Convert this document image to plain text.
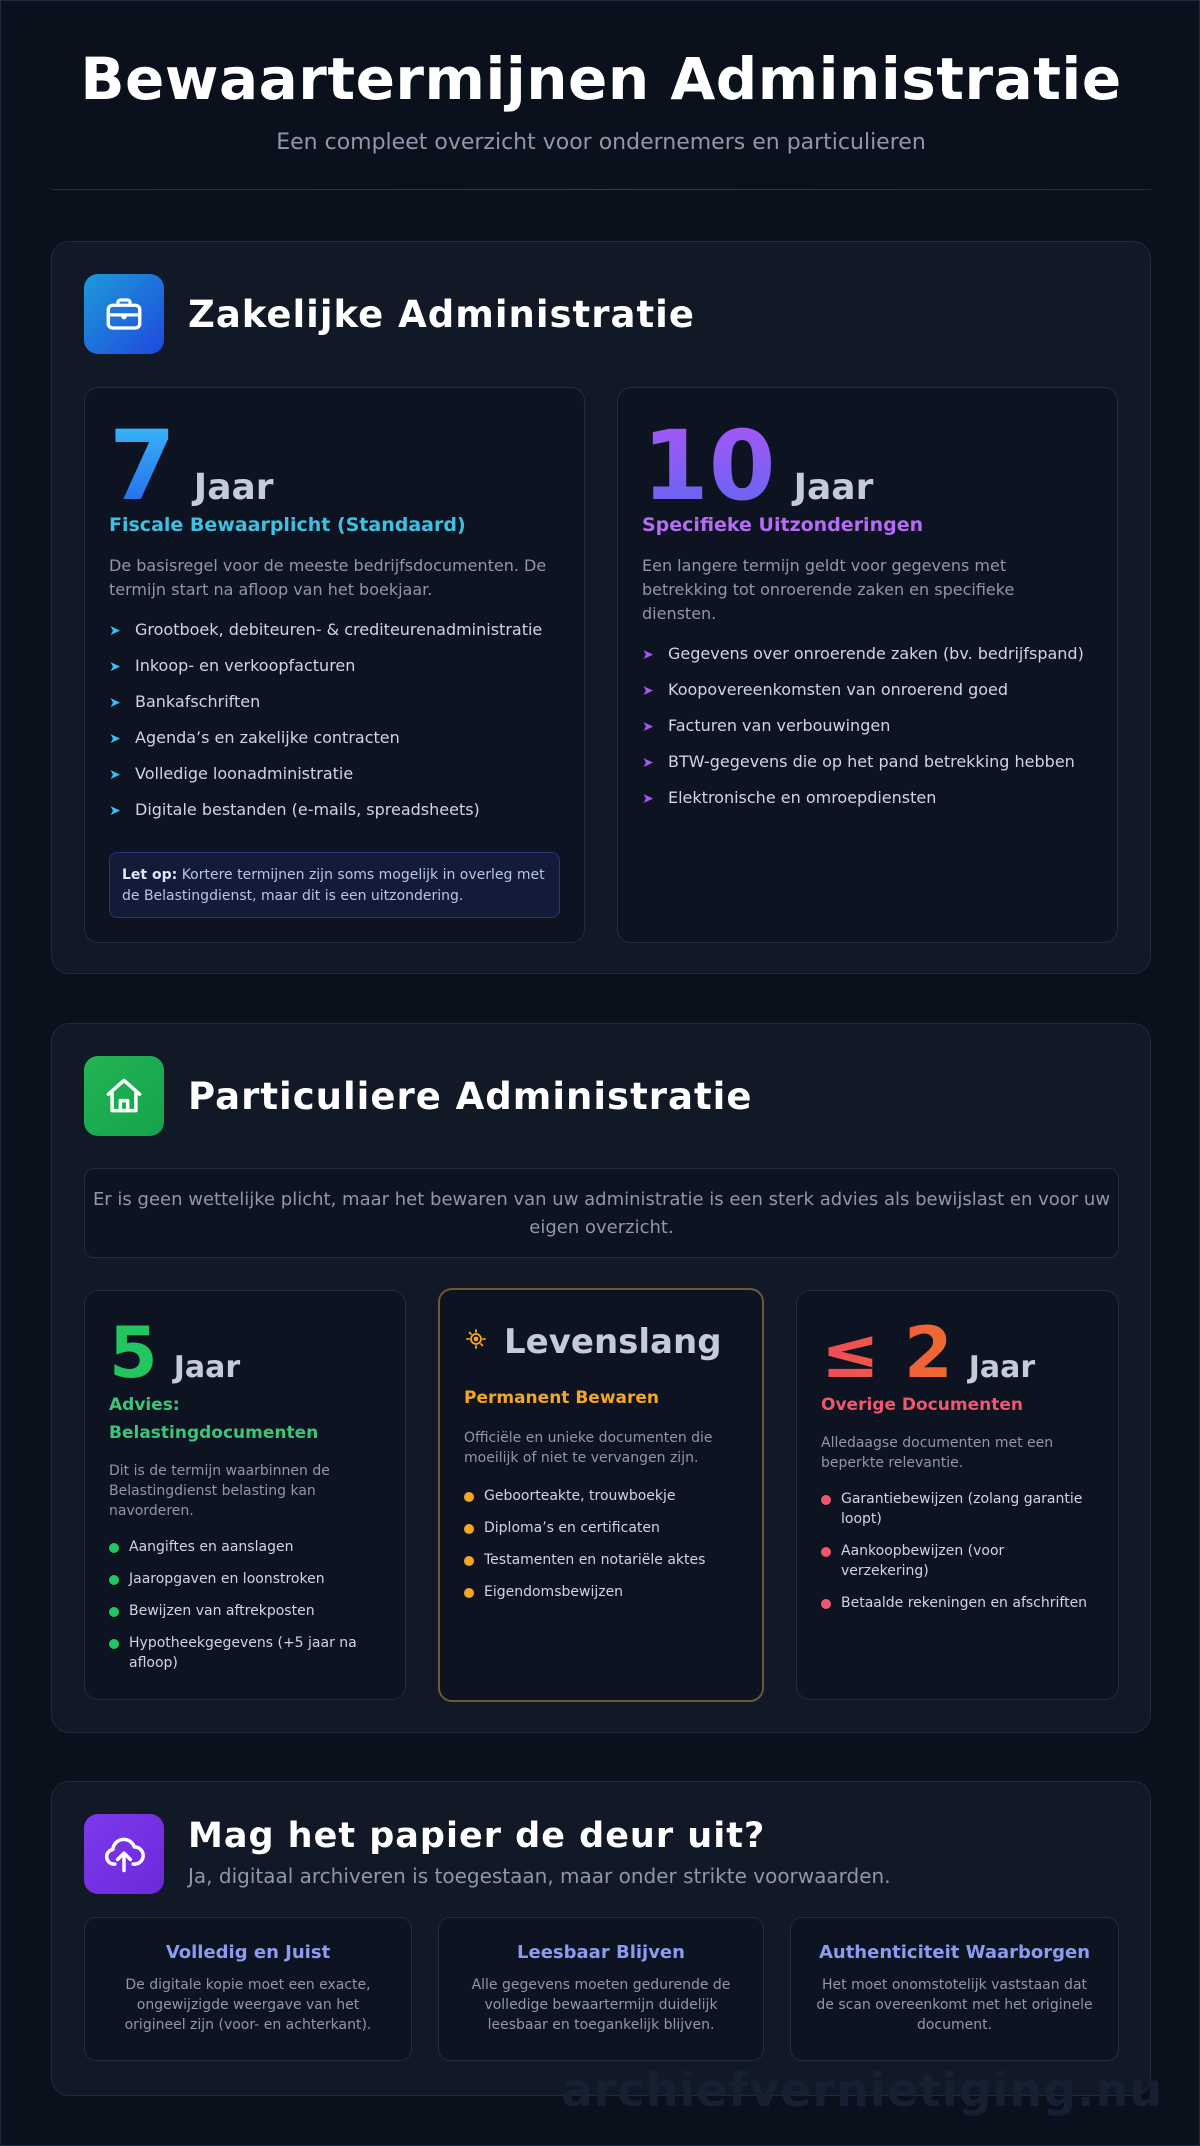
Bewaartermijnen Administratie

Een compleet overzicht voor ondernemers en particulieren

Zakelijke Administratie
7 Jaar
Fiscale Bewaarplicht (Standaard)

De basisregel voor de meeste bedrijfsdocumenten. De termijn start na afloop van het boekjaar.

➤ Grootboek, debiteuren- & crediteurenadministratie
➤ Inkoop- en verkoopfacturen
➤ Bankafschriften
➤ Agenda’s en zakelijke contracten
➤ Volledige loonadministratie
➤ Digitale bestanden (e-mails, spreadsheets)
Let op: Kortere termijnen zijn soms mogelijk in overleg met de Belastingdienst, maar dit is een uitzondering.
10 Jaar
Specifieke Uitzonderingen

Een langere termijn geldt voor gegevens met betrekking tot onroerende zaken en specifieke diensten.

➤ Gegevens over onroerende zaken (bv. bedrijfspand)
➤ Koopovereenkomsten van onroerend goed
➤ Facturen van verbouwingen
➤ BTW-gegevens die op het pand betrekking hebben
➤ Elektronische en omroepdiensten
Particuliere Administratie
Er is geen wettelijke plicht, maar het bewaren van uw administratie is een sterk advies als bewijslast en voor uw eigen overzicht.
5 Jaar
Advies: Belastingdocumenten

Dit is de termijn waarbinnen de Belastingdienst belasting kan navorderen.

Aangiftes en aanslagen
Jaaropgaven en loonstroken
Bewijzen van aftrekposten
Hypotheekgegevens (+5 jaar na afloop)
Levenslang
Permanent Bewaren

Officiële en unieke documenten die moeilijk of niet te vervangen zijn.

Geboorteakte, trouwboekje
Diploma’s en certificaten
Testamenten en notariële aktes
Eigendomsbewijzen
≤ 2 Jaar
Overige Documenten

Alledaagse documenten met een beperkte relevantie.

Garantiebewijzen (zolang garantie loopt)
Aankoopbewijzen (voor verzekering)
Betaalde rekeningen en afschriften
Mag het papier de deur uit?

Ja, digitaal archiveren is toegestaan, maar onder strikte voorwaarden.

Volledig en Juist

De digitale kopie moet een exacte, ongewijzigde weergave van het origineel zijn (voor- en achterkant).

Leesbaar Blijven

Alle gegevens moeten gedurende de volledige bewaartermijn duidelijk leesbaar en toegankelijk blijven.

Authenticiteit Waarborgen

Het moet onomstotelijk vaststaan dat de scan overeenkomt met het originele document.

archiefvernietiging.nu
